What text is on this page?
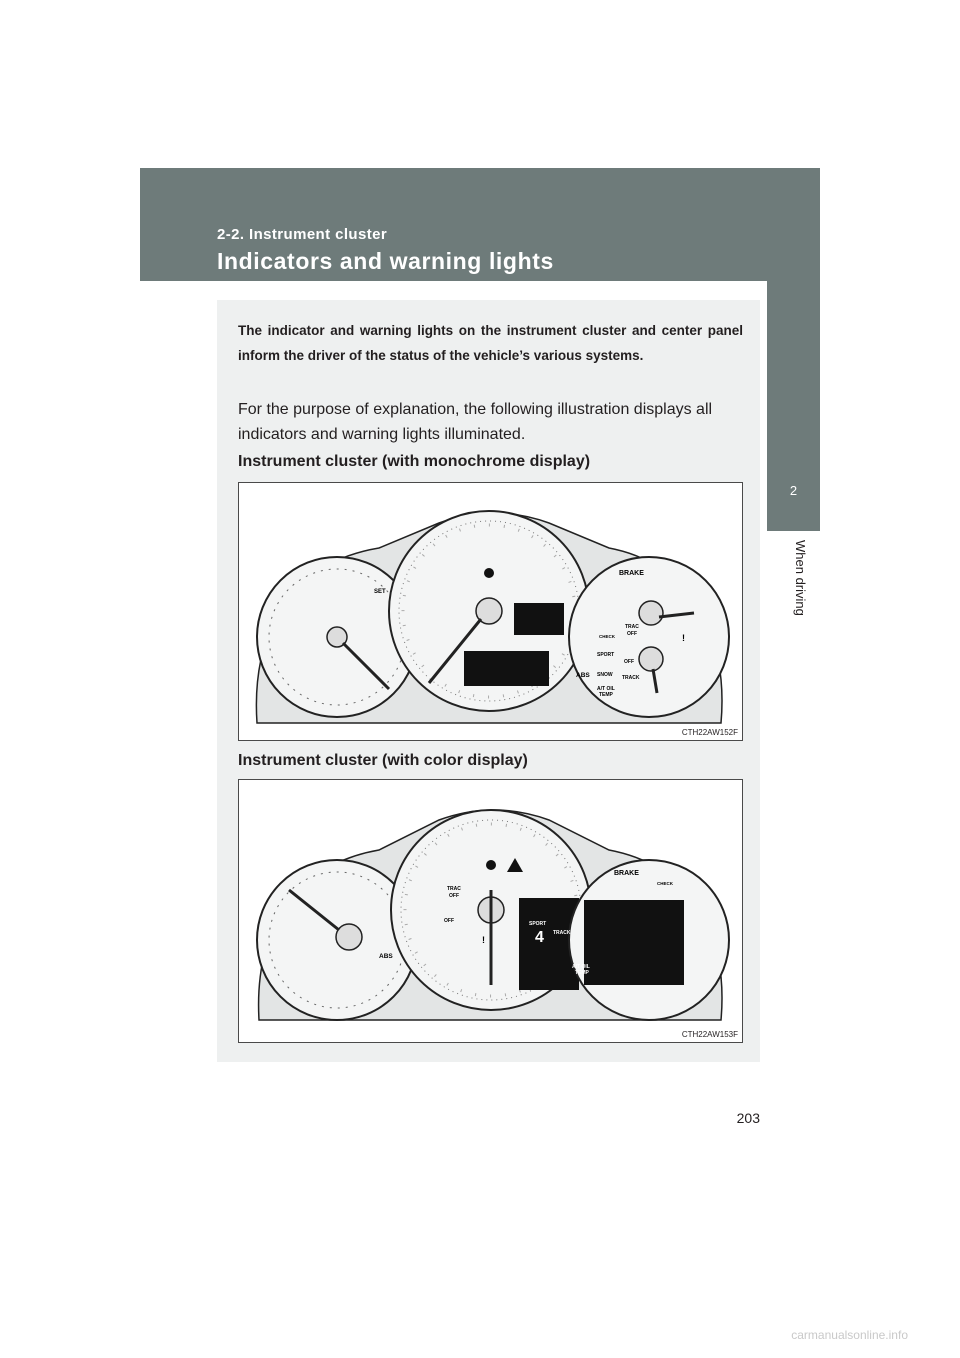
2-2. Instrument cluster
Indicators and warning lights
2
When driving
The indicator and warning lights on the instrument cluster and center panel inform the driver of the status of the vehicle’s various systems.
For the purpose of explanation, the following illustration displays all indicators and warning lights illuminated.
Instrument cluster (with monochrome display)
SET
BRAKE
CHECK
TRAC
OFF
OFF
SPORT
SNOW
ABS	TRACK
A/T OIL
TEMP
!
CTH22AW152F
Instrument cluster (with color display)
BRAKE
CHECK
TRAC
OFF
OFF
ABS
SPORT
4 TRACK
A/T OIL
TEMP
!
CTH22AW153F
203
carmanualsonline.info
